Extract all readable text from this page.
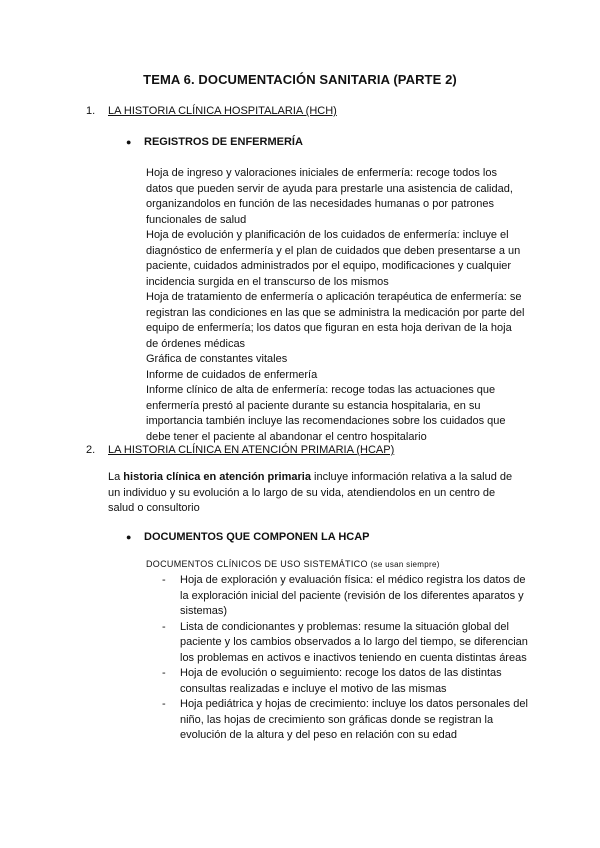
TEMA 6. DOCUMENTACIÓN SANITARIA (PARTE 2)
1. LA HISTORIA CLÍNICA HOSPITALARIA (HCH)
● REGISTROS DE ENFERMERÍA

Hoja de ingreso y valoraciones iniciales de enfermería: recoge todos los datos que pueden servir de ayuda para prestarle una asistencia de calidad, organizandolos en función de las necesidades humanas o por patrones funcionales de salud

Hoja de evolución y planificación de los cuidados de enfermería: incluye el diagnóstico de enfermería y el plan de cuidados que deben presentarse a un paciente, cuidados administrados por el equipo, modificaciones y cualquier incidencia surgida en el transcurso de los mismos

Hoja de tratamiento de enfermería o aplicación terapéutica de enfermería: se registran las condiciones en las que se administra la medicación por parte del equipo de enfermería; los datos que figuran en esta hoja derivan de la hoja de órdenes médicas

Gráfica de constantes vitales

Informe de cuidados de enfermería

Informe clínico de alta de enfermería: recoge todas las actuaciones que enfermería prestó al paciente durante su estancia hospitalaria, en su importancia también incluye las recomendaciones sobre los cuidados que debe tener el paciente al abandonar el centro hospitalario

2. LA HISTORIA CLÍNICA EN ATENCIÓN PRIMARIA (HCAP)

La historia clínica en atención primaria incluye información relativa a la salud de un individuo y su evolución a lo largo de su vida, atendiendolos en un centro de salud o consultorio

● DOCUMENTOS QUE COMPONEN LA HCAP
DOCUMENTOS CLÍNICOS DE USO SISTEMÁTICO (se usan siempre)
- Hoja de exploración y evaluación física: el médico registra los datos de la exploración inicial del paciente (revisión de los diferentes aparatos y sistemas)
- Lista de condicionantes y problemas: resume la situación global del paciente y los cambios observados a lo largo del tiempo, se diferencian los problemas en activos e inactivos teniendo en cuenta distintas áreas
- Hoja de evolución o seguimiento: recoge los datos de las distintas consultas realizadas e incluye el motivo de las mismas
- Hoja pediátrica y hojas de crecimiento: incluye los datos personales del niño, las hojas de crecimiento son gráficas donde se registran la evolución de la altura y del peso en relación con su edad
